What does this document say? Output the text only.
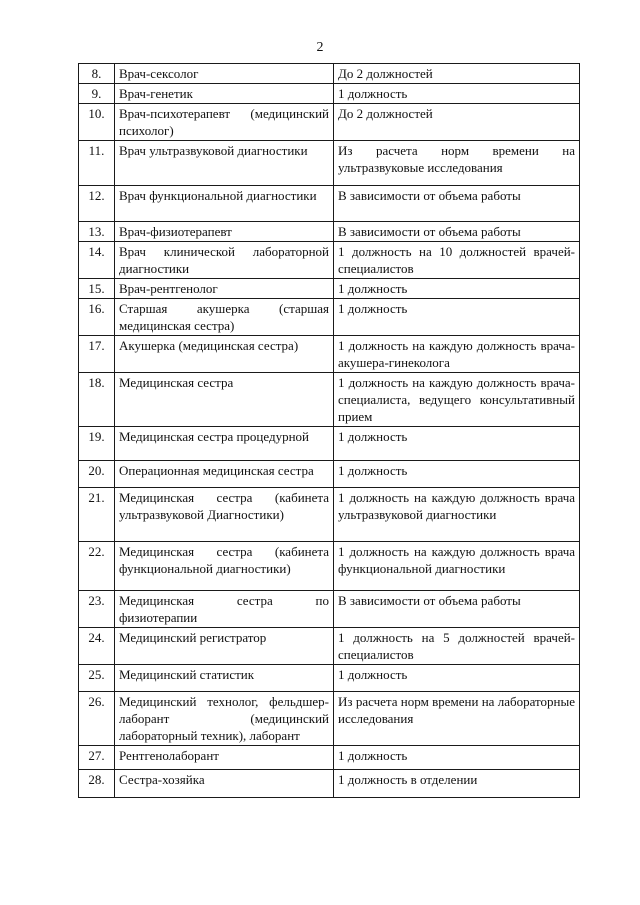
2
8.	Врач-сексолог	До 2 должностей
9.	Врач-генетик	1 должность
10.	Врач-психотерапевт (медицинский психолог)	До 2 должностей
11.	Врач ультразвуковой диагностики	Из расчета норм времени на ультразвуковые исследования
12.	Врач функциональной диагностики	В зависимости от объема работы
13.	Врач-физиотерапевт	В зависимости от объема работы
14.	Врач клинической лабораторной диагностики	1 должность на 10 должностей врачей-специалистов
15.	Врач-рентгенолог	1 должность
16.	Старшая акушерка (старшая медицинская сестра)	1 должность
17.	Акушерка (медицинская сестра)	1 должность на каждую должность врача-акушера-гинеколога
18.	Медицинская сестра	1 должность на каждую должность врача-специалиста, ведущего консультативный прием
19.	Медицинская сестра процедурной	1 должность
20.	Операционная медицинская сестра	1 должность
21.	Медицинская сестра (кабинета ультразвуковой Диагностики)	1 должность на каждую должность врача ультразвуковой диагностики
22.	Медицинская сестра (кабинета функциональной диагностики)	1 должность на каждую должность врача функциональной диагностики
23.	Медицинская сестра по физиотерапии	В зависимости от объема работы
24.	Медицинский регистратор	1 должность на 5 должностей врачей-специалистов
25.	Медицинский статистик	1 должность
26.	Медицинский технолог, фельдшер-лаборант (медицинский лабораторный техник), лаборант	Из расчета норм времени на лабораторные исследования
27.	Рентгенолаборант	1 должность
28.	Сестра-хозяйка	1 должность в отделении
